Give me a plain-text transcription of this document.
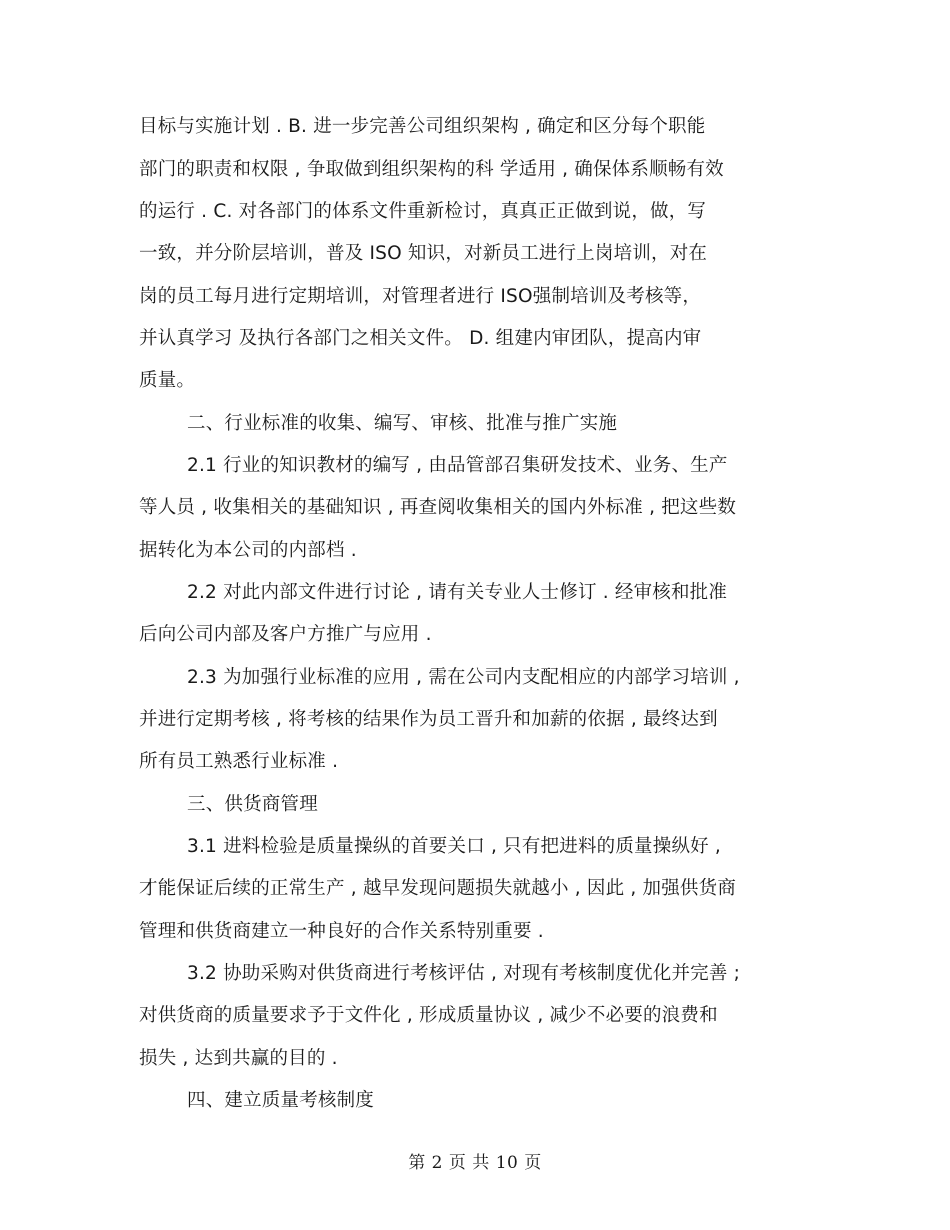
目标与实施计划 . B. 进一步完善公司组织架构 , 确定和区分每个职能
部门的职责和权限 , 争取做到组织架构的科 学适用 , 确保体系顺畅有效
的运行 . C. 对各部门的体系文件重新检讨，真真正正做到说，做，写
一致，并分阶层培训，普及 ISO 知识，对新员工进行上岗培训，对在
岗的员工每月进行定期培训，对管理者进行 ISO强制培训及考核等，
并认真学习 及执行各部门之相关文件。 D. 组建内审团队，提高内审
质量。
二、行业标准的收集、编写、审核、批准与推广实施
2.1 行业的知识教材的编写 , 由品管部召集研发技术、业务、生产
等人员 , 收集相关的基础知识 , 再查阅收集相关的国内外标准 , 把这些数
据转化为本公司的内部档 .
2.2 对此内部文件进行讨论 , 请有关专业人士修订 . 经审核和批准
后向公司内部及客户方推广与应用 .
2.3 为加强行业标准的应用 , 需在公司内支配相应的内部学习培训 ,
并进行定期考核 , 将考核的结果作为员工晋升和加薪的依据 , 最终达到
所有员工熟悉行业标准 .
三、供货商管理
3.1 进料检验是质量操纵的首要关口 , 只有把进料的质量操纵好 ,
才能保证后续的正常生产 , 越早发现问题损失就越小 , 因此 , 加强供货商
管理和供货商建立一种良好的合作关系特别重要 .
3.2 协助采购对供货商进行考核评估 , 对现有考核制度优化并完善 ;
对供货商的质量要求予于文件化 , 形成质量协议 , 减少不必要的浪费和
损失 , 达到共赢的目的 .
四、建立质量考核制度
第 2 页 共 10 页
